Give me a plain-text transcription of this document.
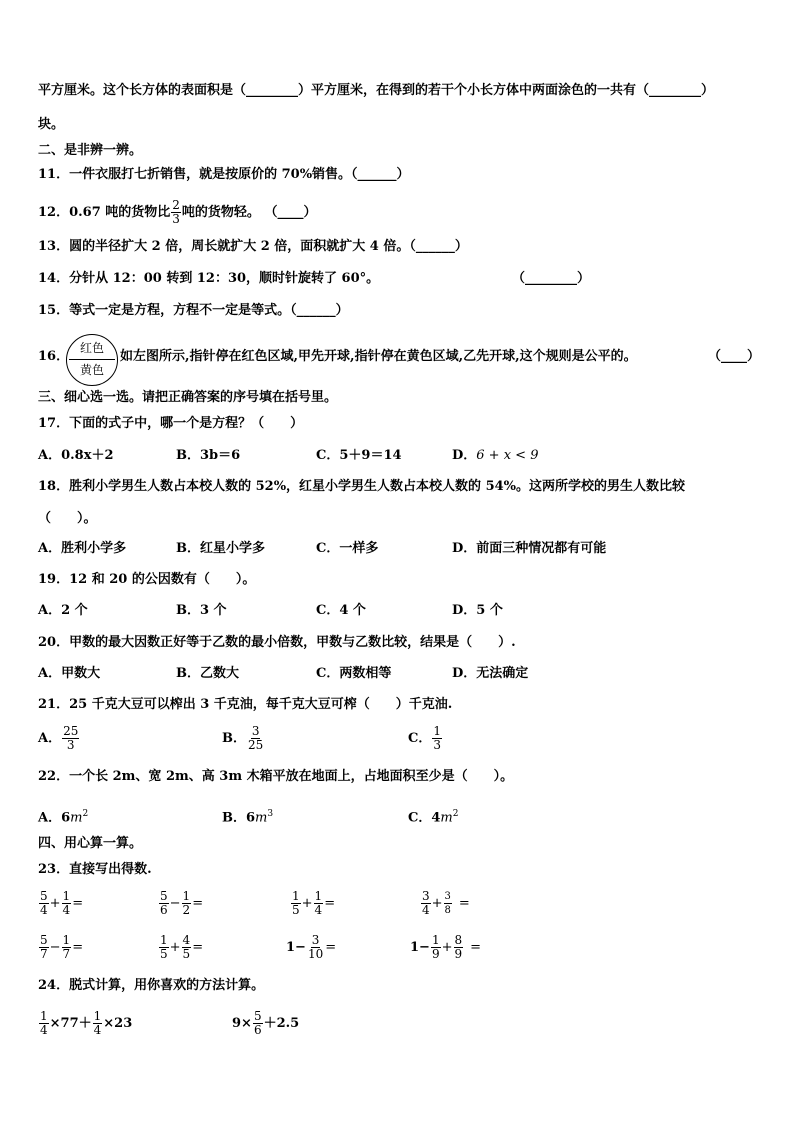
平方厘米。这个长方体的表面积是（________）平方厘米，在得到的若干个小长方体中两面涂色的一共有（________）
块。
二、是非辨一辨。
11．一件衣服打七折销售，就是按原价的 70%销售。（______）
12．0.67 吨的货物比 $\frac{2}{3}$ 吨的货物轻。 （____）
13．圆的半径扩大 2 倍，周长就扩大 2 倍，面积就扩大 4 倍。（______）
14．分针从 12：00 转到 12：30，顺时针旋转了 60°。	（________）
15．等式一定是方程，方程不一定是等式。（______）
16．
红色
黄色
如左图所示,指针停在红色区域,甲先开球,指针停在黄色区域,乙先开球,这个规则是公平的。	（____）
三、细心选一选。请把正确答案的序号填在括号里。
17．下面的式子中，哪一个是方程？（　　）
A．0.8x＋2	B．3b＝6	C．5＋9＝14	D．6 + x < 9
18．胜利小学男生人数占本校人数的 52%，红星小学男生人数占本校人数的 54%。这两所学校的男生人数比较
（　　）。
A．胜利小学多	B．红星小学多	C．一样多	D．前面三种情况都有可能
19．12 和 20 的公因数有（　　）。
A．2 个	B．3 个	C．4 个	D．5 个
20．甲数的最大因数正好等于乙数的最小倍数，甲数与乙数比较，结果是（　　）.
A．甲数大	B．乙数大	C．两数相等	D．无法确定
21．25 千克大豆可以榨出 3 千克油，每千克大豆可榨（　　）千克油.
A． $\frac{25}{3}$	B． $\frac{3}{25}$	C． $\frac{1}{3}$
22．一个长 2m、宽 2m、高 3m 木箱平放在地面上，占地面积至少是（　　）。
A．$6m^2$	B．$6m^3$	C．$4m^2$
四、用心算一算。
23．直接写出得数.
$\frac{5}{4} + \frac{1}{4}$ =	$\frac{5}{6} - \frac{1}{2}$ =	$\frac{1}{5} + \frac{1}{4}$ =	$\frac{3}{4} + \frac{3}{8}$ =
$\frac{5}{7} - \frac{1}{7}$ =	$\frac{1}{5} + \frac{4}{5}$ =	$1- \frac{3}{10}$ =	$1- \frac{1}{9} + \frac{8}{9}$ =
24．脱式计算，用你喜欢的方法计算。
$\frac{1}{4} \times 77+ \frac{1}{4} \times 23$	$9\times \frac{5}{6} +2.5$
